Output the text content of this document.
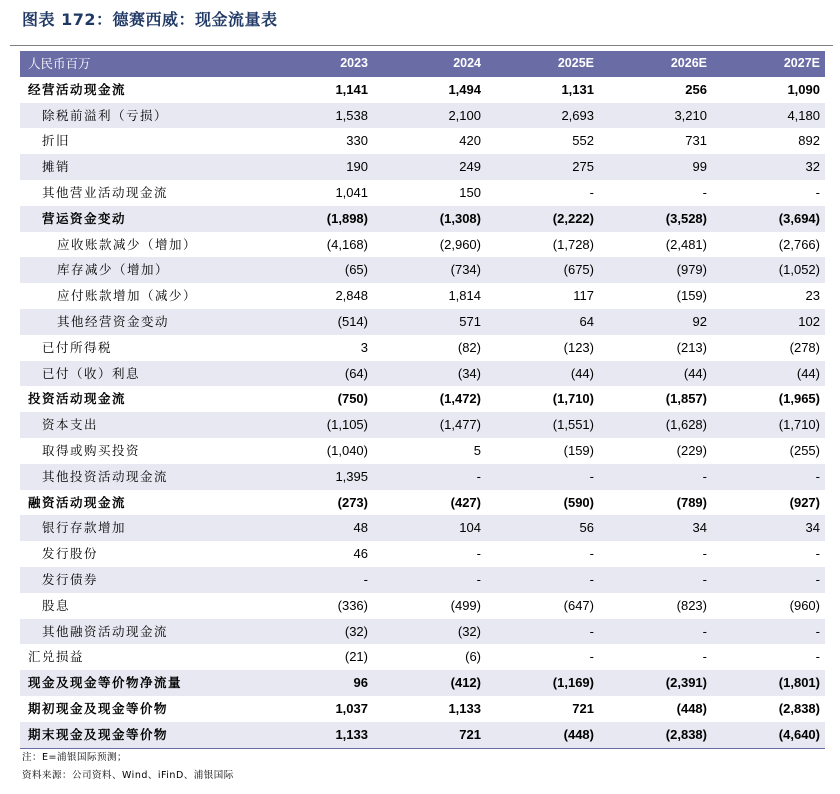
图表 172：德赛西威：现金流量表
人民币百万	2023	2024	2025E	2026E	2027E
经营活动现金流	1,141	1,494	1,131	256	1,090
除税前溢利（亏损）	1,538	2,100	2,693	3,210	4,180
折旧	330	420	552	731	892
摊销	190	249	275	99	32
其他营业活动现金流	1,041	150	-	-	-
营运资金变动	(1,898)	(1,308)	(2,222)	(3,528)	(3,694)
应收账款减少（增加）	(4,168)	(2,960)	(1,728)	(2,481)	(2,766)
库存减少（增加）	(65)	(734)	(675)	(979)	(1,052)
应付账款增加（减少）	2,848	1,814	117	(159)	23
其他经营资金变动	(514)	571	64	92	102
已付所得税	3	(82)	(123)	(213)	(278)
已付（收）利息	(64)	(34)	(44)	(44)	(44)
投资活动现金流	(750)	(1,472)	(1,710)	(1,857)	(1,965)
资本支出	(1,105)	(1,477)	(1,551)	(1,628)	(1,710)
取得或购买投资	(1,040)	5	(159)	(229)	(255)
其他投资活动现金流	1,395	-	-	-	-
融资活动现金流	(273)	(427)	(590)	(789)	(927)
银行存款增加	48	104	56	34	34
发行股份	46	-	-	-	-
发行债券	-	-	-	-	-
股息	(336)	(499)	(647)	(823)	(960)
其他融资活动现金流	(32)	(32)	-	-	-
汇兑损益	(21)	(6)	-	-	-
现金及现金等价物净流量	96	(412)	(1,169)	(2,391)	(1,801)
期初现金及现金等价物	1,037	1,133	721	(448)	(2,838)
期末现金及现金等价物	1,133	721	(448)	(2,838)	(4,640)
注：E=浦银国际预测；
资料来源：公司资料、Wind、iFinD、浦银国际
